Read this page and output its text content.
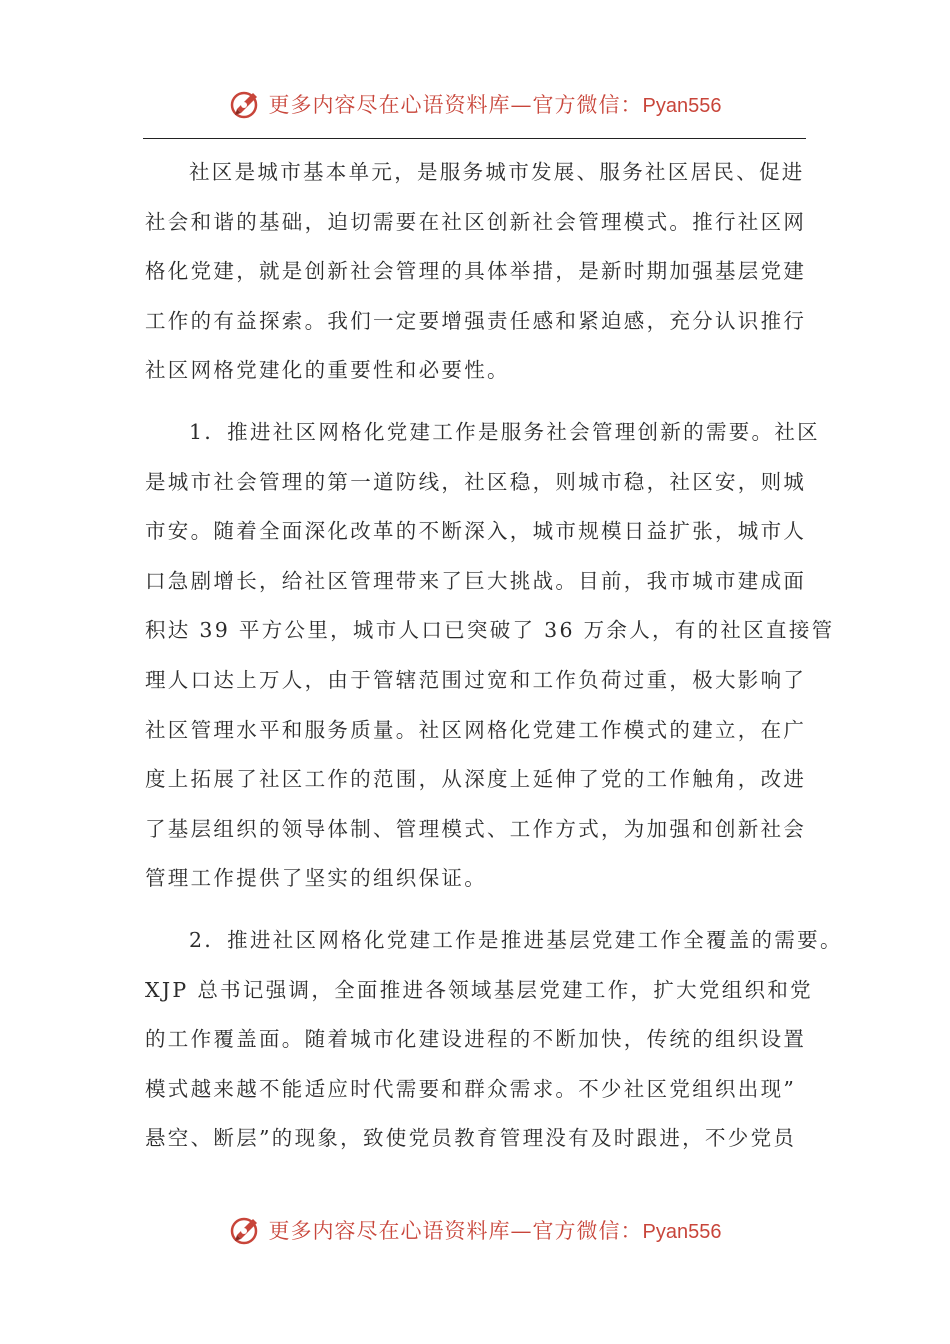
更多内容尽在心语资料库—官方微信：Pyan556
社区是城市基本单元，是服务城市发展、服务社区居民、促进
社会和谐的基础，迫切需要在社区创新社会管理模式。推行社区网
格化党建，就是创新社会管理的具体举措，是新时期加强基层党建
工作的有益探索。我们一定要增强责任感和紧迫感，充分认识推行
社区网格党建化的重要性和必要性。
1．推进社区网格化党建工作是服务社会管理创新的需要。社区
是城市社会管理的第一道防线，社区稳，则城市稳，社区安，则城
市安。随着全面深化改革的不断深入，城市规模日益扩张，城市人
口急剧增长，给社区管理带来了巨大挑战。目前，我市城市建成面
积达 39 平方公里，城市人口已突破了 36 万余人，有的社区直接管
理人口达上万人，由于管辖范围过宽和工作负荷过重，极大影响了
社区管理水平和服务质量。社区网格化党建工作模式的建立，在广
度上拓展了社区工作的范围，从深度上延伸了党的工作触角，改进
了基层组织的领导体制、管理模式、工作方式，为加强和创新社会
管理工作提供了坚实的组织保证。
2．推进社区网格化党建工作是推进基层党建工作全覆盖的需要。
XJP 总书记强调，全面推进各领域基层党建工作，扩大党组织和党
的工作覆盖面。随着城市化建设进程的不断加快，传统的组织设置
模式越来越不能适应时代需要和群众需求。不少社区党组织出现”
悬空、断层”的现象，致使党员教育管理没有及时跟进，不少党员
更多内容尽在心语资料库—官方微信：Pyan556
